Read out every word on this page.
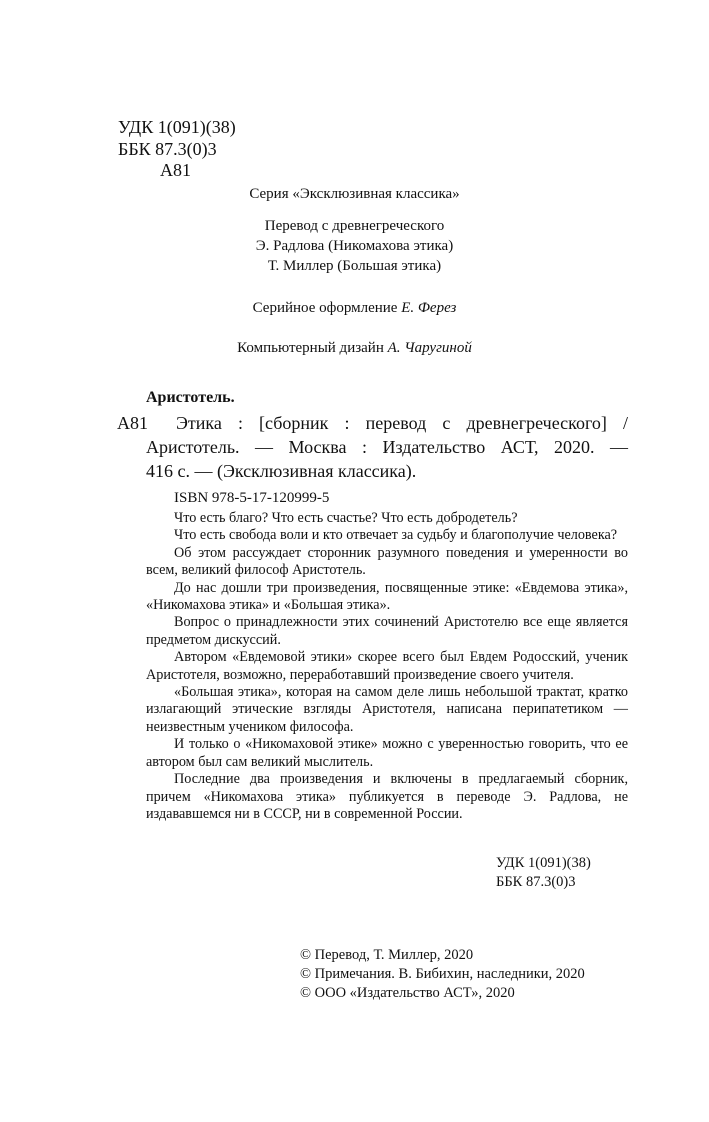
УДК 1(091)(38)
ББК 87.3(0)3
А81
Серия «Эксклюзивная классика»
Перевод с древнегреческого
Э. Радлова (Никомахова этика)
Т. Миллер (Большая этика)
Серийное оформление Е. Ферез
Компьютерный дизайн А. Чаругиной
Аристотель.
А81	Этика : [сборник : перевод с древнегреческого] /

Аристотель. — Москва : Издательство АСТ, 2020. —

416 с. — (Эксклюзивная классика).

ISBN 978-5-17-120999-5

Что есть благо? Что есть счастье? Что есть добродетель?

Что есть свобода воли и кто отвечает за судьбу и благополучие человека?

Об этом рассуждает сторонник разумного поведения и умеренности во всем, великий философ Аристотель.

До нас дошли три произведения, посвященные этике: «Евдемова этика», «Никомахова этика» и «Большая этика».

Вопрос о принадлежности этих сочинений Аристотелю все еще является предметом дискуссий.

Автором «Евдемовой этики» скорее всего был Евдем Родосский, ученик Аристотеля, возможно, переработавший произведение своего учителя.

«Большая этика», которая на самом деле лишь небольшой трактат, кратко излагающий этические взгляды Аристотеля, написана перипатетиком — неизвестным учеником философа.

И только о «Никомаховой этике» можно с уверенностью говорить, что ее автором был сам великий мыслитель.

Последние два произведения и включены в предлагаемый сборник, причем «Никомахова этика» публикуется в переводе Э. Радлова, не издававшемся ни в СССР, ни в современной России.

УДК 1(091)(38)
ББК 87.3(0)3
© Перевод, Т. Миллер, 2020
© Примечания. В. Бибихин, наследники, 2020
© ООО «Издательство АСТ», 2020
